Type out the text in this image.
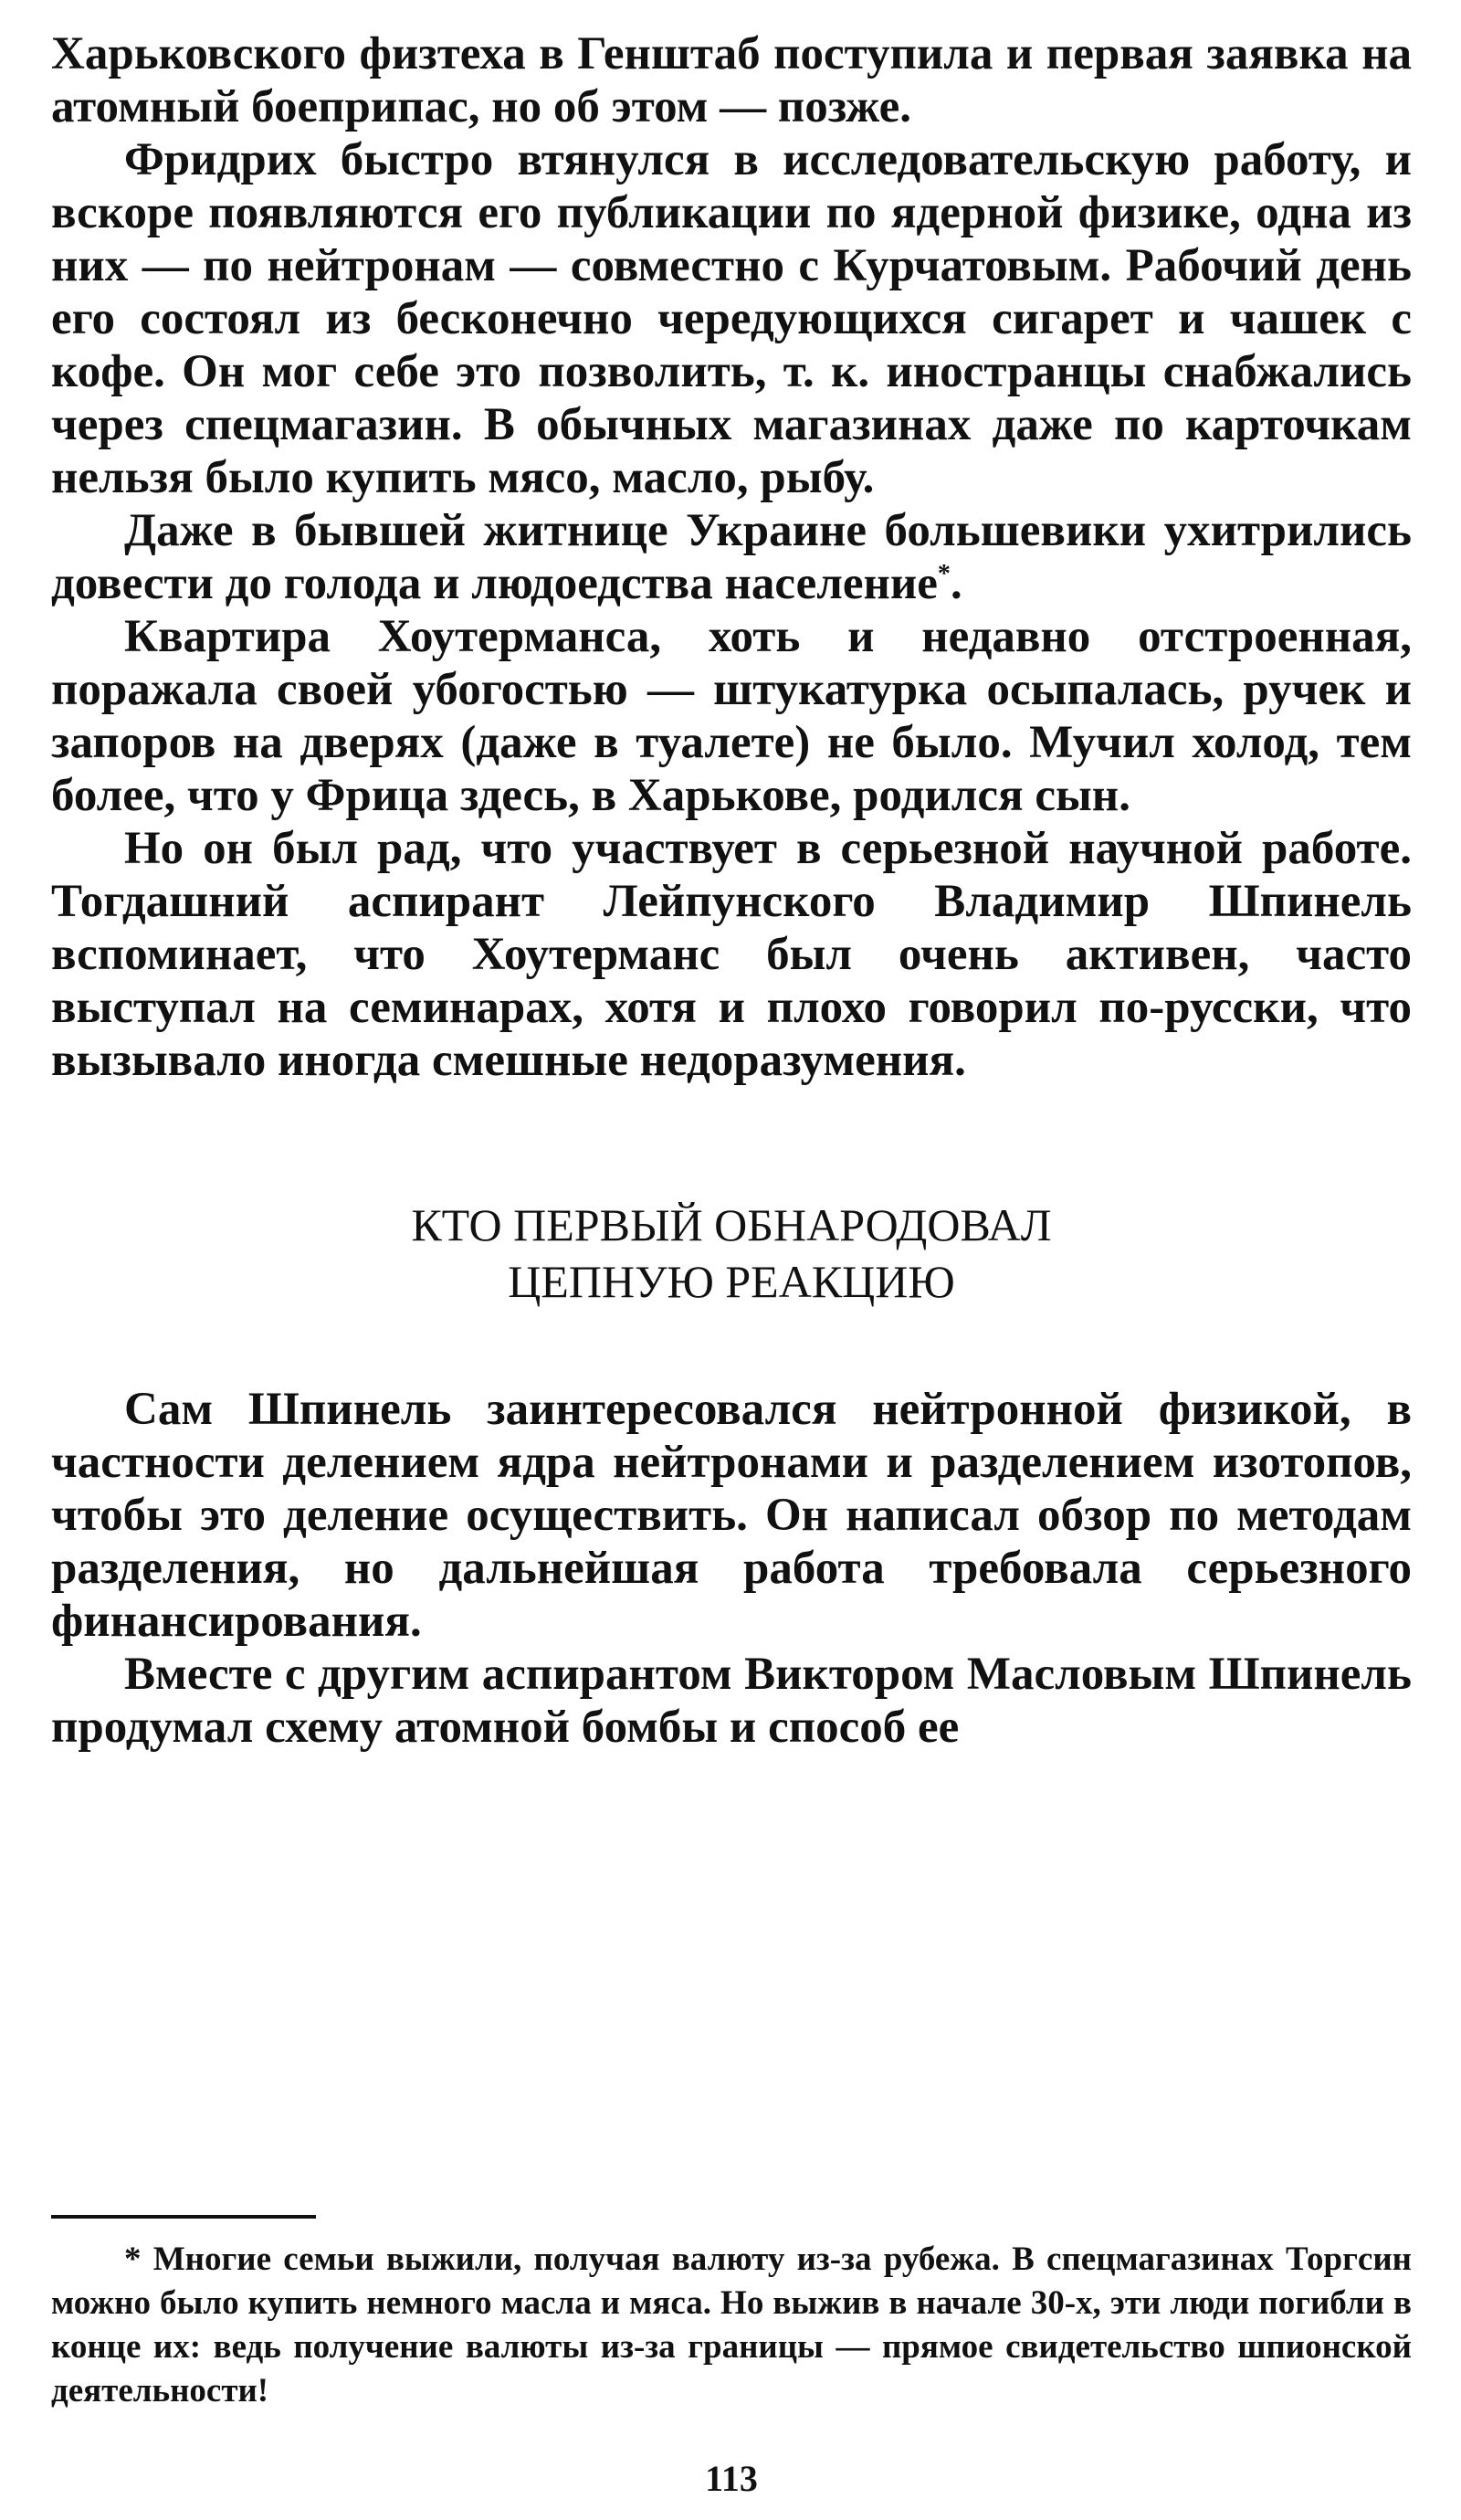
Харьковского физтеха в Генштаб поступила и первая заявка на атомный боеприпас, но об этом — позже.

Фридрих быстро втянулся в исследовательскую работу, и вскоре появляются его публикации по ядерной физике, одна из них — по нейтронам — совместно с Курчатовым. Рабочий день его состоял из бесконечно чередующихся сигарет и чашек с кофе. Он мог себе это позволить, т. к. иностранцы снабжались через спецмагазин. В обычных магазинах даже по карточкам нельзя было купить мясо, масло, рыбу.

Даже в бывшей житнице Украине большевики ухитрились довести до голода и людоедства население*.

Квартира Хоутерманса, хоть и недавно отстроенная, поражала своей убогостью — штукатурка осыпалась, ручек и запоров на дверях (даже в туалете) не было. Мучил холод, тем более, что у Фрица здесь, в Харькове, родился сын.

Но он был рад, что участвует в серьезной научной работе. Тогдашний аспирант Лейпунского Владимир Шпинель вспоминает, что Хоутерманс был очень активен, часто выступал на семинарах, хотя и плохо говорил по-русски, что вызывало иногда смешные недоразумения.

КТО ПЕРВЫЙ ОБНАРОДОВАЛ
ЦЕПНУЮ РЕАКЦИЮ

Сам Шпинель заинтересовался нейтронной физикой, в частности делением ядра нейтронами и разделением изотопов, чтобы это деление осуществить. Он написал обзор по методам разделения, но дальнейшая работа требовала серьезного финансирования.

Вместе с другим аспирантом Виктором Масловым Шпинель продумал схему атомной бомбы и способ ее

* Многие семьи выжили, получая валюту из-за рубежа. В спецмагазинах Торгсин можно было купить немного масла и мяса. Но выжив в начале 30-х, эти люди погибли в конце их: ведь получение валюты из-за границы — прямое свидетельство шпионской деятельности!

113
